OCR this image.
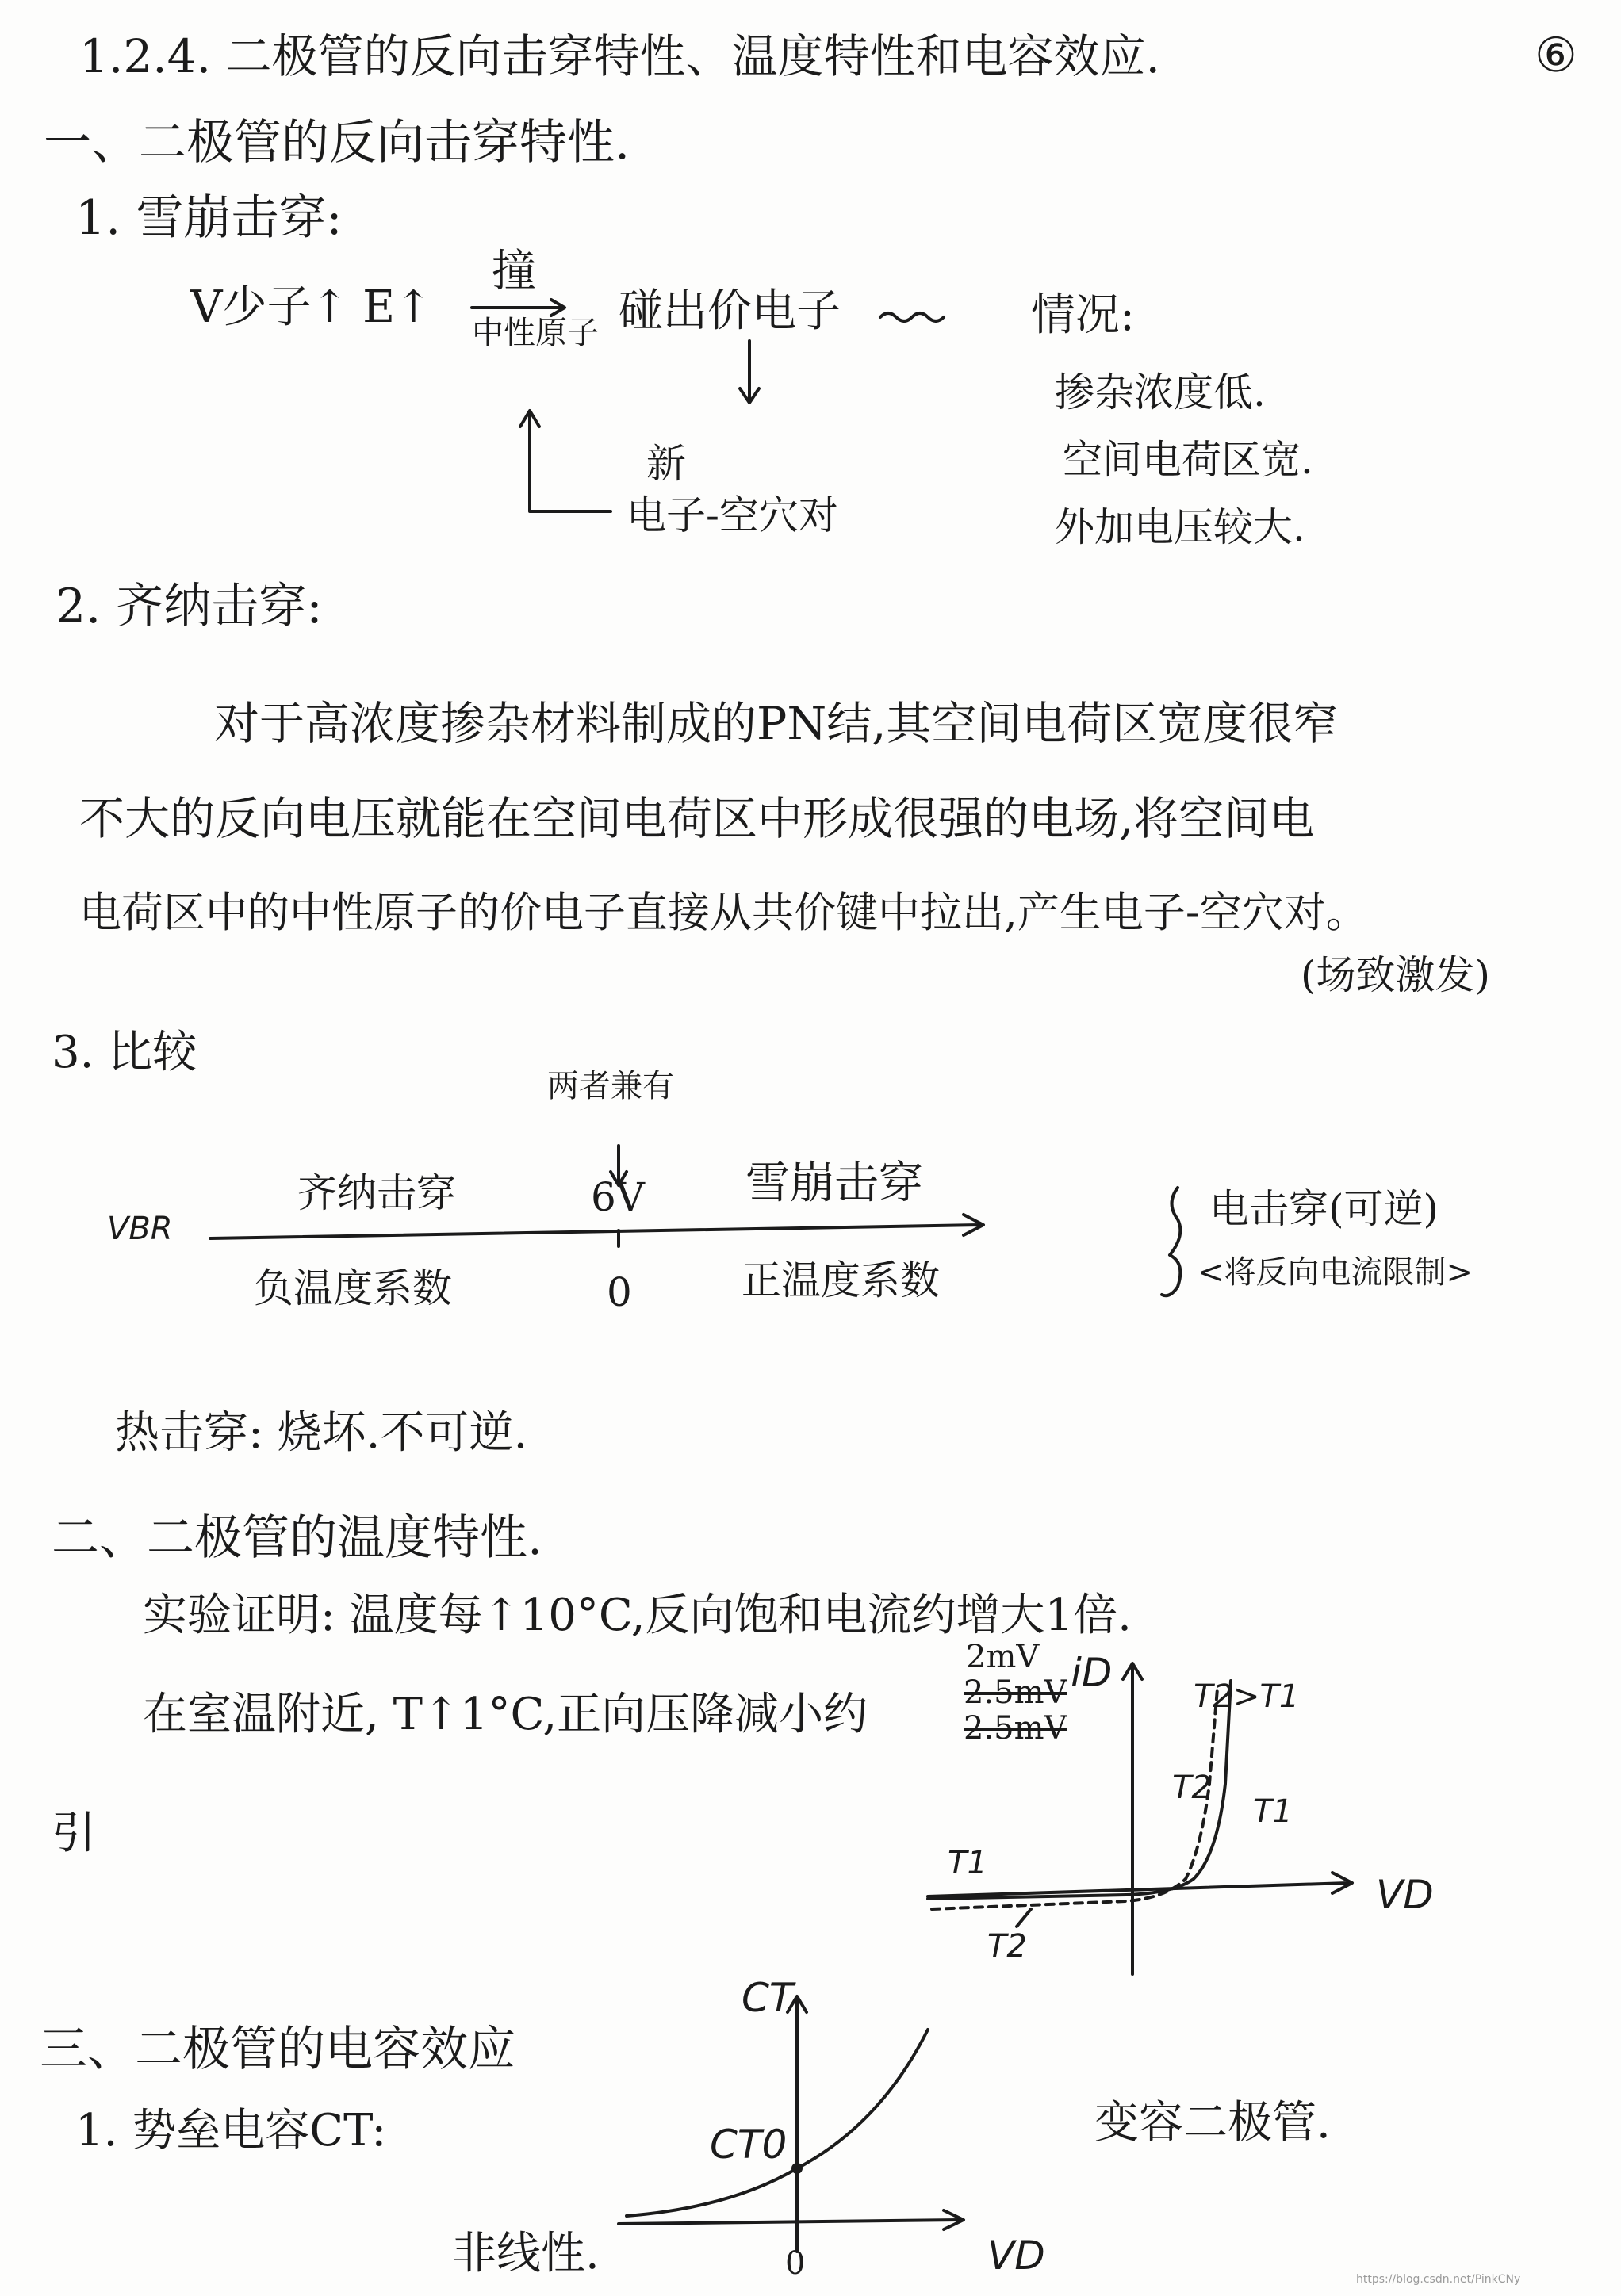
1.2.4. 二极管的反向击穿特性、温度特性和电容效应.	⑥
一、二极管的反向击穿特性.
1. 雪崩击穿:
V少子↑ E↑
撞
中性原子 碰出价电子
新
电子-空穴对
情况:
掺杂浓度低.
空间电荷区宽.
外加电压较大.
2. 齐纳击穿:
对于高浓度掺杂材料制成的PN结,其空间电荷区宽度很窄
不大的反向电压就能在空间电荷区中形成很强的电场,将空间电
电荷区中的中性原子的价电子直接从共价键中拉出,产生电子-空穴对。
(场致激发)
3. 比较
两者兼有
VBR
齐纳击穿	6V 雪崩击穿
负温度系数	0	正温度系数
电击穿(可逆)
<将反向电流限制>
热击穿: 烧坏.不可逆.
二、二极管的温度特性.
实验证明: 温度每↑10°C,反向饱和电流约增大1倍.
在室温附近, T↑1°C,正向压降减小约
2mV
2.5mV
2.5mV
引
iD
VD
T2>T1
T2
T1
T1
T2
三、二极管的电容效应
1. 势垒电容CT:
CT
CT0
VD
0
非线性.
变容二极管.
https://blog.csdn.net/PinkCNy
